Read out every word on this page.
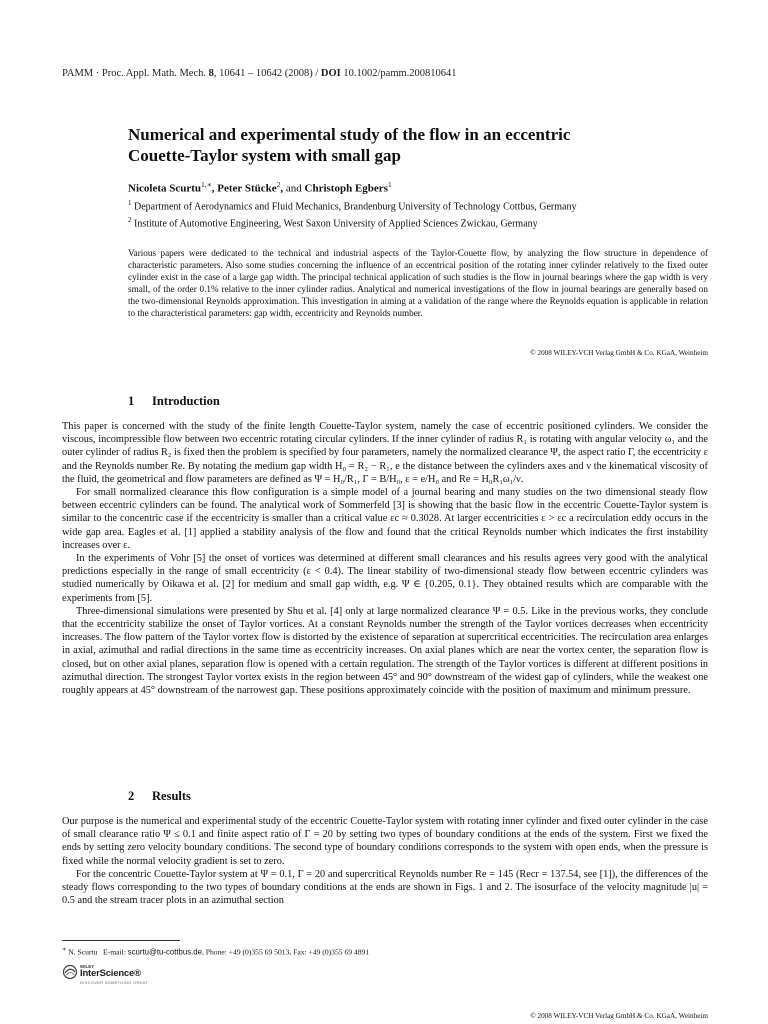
PAMM · Proc. Appl. Math. Mech. 8, 10641 – 10642 (2008) / DOI 10.1002/pamm.200810641
Numerical and experimental study of the flow in an eccentric
Couette-Taylor system with small gap
Nicoleta Scurtu$^{1,∗}$, Peter Stücke$^2$, and Christoph Egbers$^1$
$^1$ Department of Aerodynamics and Fluid Mechanics, Brandenburg University of Technology Cottbus, Germany
$^2$ Institute of Automotive Engineering, West Saxon University of Applied Sciences Zwickau, Germany

Various papers were dedicated to the technical and industrial aspects of the Taylor-Couette flow, by analyzing the flow structure in dependence of characteristic parameters. Also some studies concerning the influence of an eccentrical position of the rotating inner cylinder relatively to the fixed outer cylinder exist in the case of a large gap width. The principal technical application of such studies is the flow in journal bearings where the gap width is very small, of the order 0.1% relative to the inner cylinder radius. Analytical and numerical investigations of the flow in journal bearings are generally based on the two-dimensional Reynolds approximation. This investigation in aiming at a validation of the range where the Reynolds equation is applicable in relation to the characteristical parameters: gap width, eccentricity and Reynolds number.

© 2008 WILEY-VCH Verlag GmbH & Co. KGaA, Weinheim
1 Introduction

This paper is concerned with the study of the finite length Couette-Taylor system, namely the case of eccentric positioned cylinders. We consider the viscous, incompressible flow between two eccentric rotating circular cylinders. If the inner cylinder of radius R₁ is rotating with angular velocity ω₁ and the outer cylinder of radius R₂ is fixed then the problem is specified by four parameters, namely the normalized clearance Ψ, the aspect ratio Γ, the eccentricity ε and the Reynolds number Re. By notating the medium gap width H₀ = R₂ − R₁, e the distance between the cylinders axes and ν the kinematical viscosity of the fluid, the geometrical and flow parameters are defined as Ψ = H₀/R₁, Γ = B/H₀, ε = e/H₀ and Re = H₀R₁ω₁/ν.

For small normalized clearance this flow configuration is a simple model of a journal bearing and many studies on the two dimensional steady flow between eccentric cylinders can be found. The analytical work of Sommerfeld [3] is showing that the basic flow in the eccentric Couette-Taylor system is similar to the concentric case if the eccentricity is smaller than a critical value εc ≈ 0.3028. At larger eccentricities ε > εc a recirculation eddy occurs in the wide gap area. Eagles et al. [1] applied a stability analysis of the flow and found that the critical Reynolds number which indicates the first instability increases over ε.

In the experiments of Vohr [5] the onset of vortices was determined at different small clearances and his results agrees very good with the analytical predictions especially in the range of small eccentricity (ε < 0.4). The linear stability of two-dimensional steady flow between eccentric cylinders was studied numerically by Oikawa et al. [2] for medium and small gap width, e.g. Ψ ∈ {0.205, 0.1}. They obtained results which are comparable with the experiments from [5].

Three-dimensional simulations were presented by Shu et al. [4] only at large normalized clearance Ψ = 0.5. Like in the previous works, they conclude that the eccentricity stabilize the onset of Taylor vortices. At a constant Reynolds number the strength of the Taylor vortices decreases when eccentricity increases. The flow pattern of the Taylor vortex flow is distorted by the existence of separation at supercritical eccentricities. The recirculation area enlarges in axial, azimuthal and radial directions in the same time as eccentricity increases. On axial planes which are near the vortex center, the separation flow is closed, but on other axial planes, separation flow is opened with a certain regulation. The strength of the Taylor vortices is different at different positions in azimuthal direction. The strongest Taylor vortex exists in the region between 45° and 90° downstream of the widest gap of cylinders, while the weakest one roughly appears at 45° downstream of the narrowest gap. These positions approximately coincide with the position of maximum and minimum pressure.

2 Results

Our purpose is the numerical and experimental study of the eccentric Couette-Taylor system with rotating inner cylinder and fixed outer cylinder in the case of small clearance ratio Ψ ≤ 0.1 and finite aspect ratio of Γ = 20 by setting two types of boundary conditions at the ends of the system. First we fixed the ends by setting zero velocity boundary conditions. The second type of boundary conditions corresponds to the system with open ends, when the pressure is fixed while the normal velocity gradient is set to zero.

For the concentric Couette-Taylor system at Ψ = 0.1, Γ = 20 and supercritical Reynolds number Re = 145 (Recr = 137.54, see [1]), the differences of the steady flows corresponding to the two types of boundary conditions at the ends are shown in Figs. 1 and 2. The isosurface of the velocity magnitude |u| = 0.5 and the stream tracer plots in an azimuthal section

∗ N. Scurtu E-mail: scurtu@tu-cottbus.de, Phone: +49 (0)355 69 5013, Fax: +49 (0)355 69 4891
WILEY
InterScience®
DISCOVER SOMETHING GREAT
© 2008 WILEY-VCH Verlag GmbH & Co. KGaA, Weinheim
